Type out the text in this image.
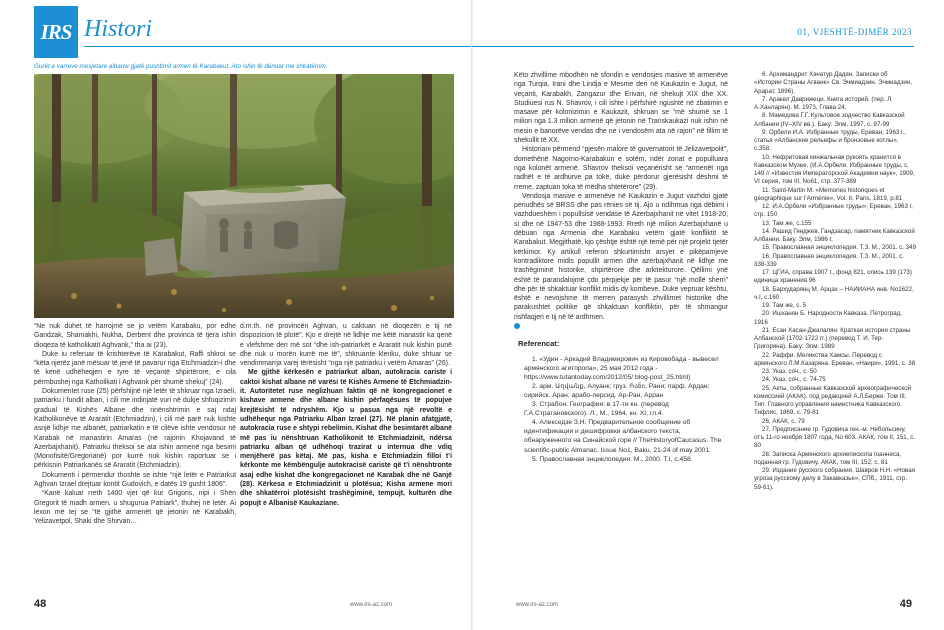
IRS Histori
Gurët e varreve mesjetare albanw gjatë pushtimit armen të Karabakut. Ato ishin të dënuar me shkatërrim.

“Ne nuk duhet të harrojmë se jo vetëm Karabaku, por edhe Gandzak, Shamakhi, Nukha, Derbent dhe provinca të tjera ishin dioqeza të katholikatit Aghvank,” tha ai (23).

Duke iu referuar të krishterëve të Karabakut, Raffi shkroi se “këta njerëz janë mësuar të jenë të pavarur nga Etchmiadzin-i dhe të kenë udhëheqjen e tyre të veçantë shpirtërore, e cila përmbushej nga Katholikati i Aghvank për shumë shekuj” (24).

Dokumentet ruse (25) përfshijnë një letër të shkruar nga Izraeli, patriarku i fundit alban, i cili me indinjatë vuri në dukje shfuqizimin gradual të Kishës Albane dhe rinënshtrimin e saj ndaj Katholikonëve të Araratit (Etchmiadzin), i cili më parë nuk kishte asnjë lidhje me albanët, patriarkatin e të cilëve ishte vendosur në Karabak në manastirin Amaras (në rajonin Khojavand të Azerbajxhanit). Patriarku theksoi se ata ishin armenë nga besimi (Monofisitë/Gregorianë) por kurrë nuk kishin raportuar se i përkisnin Patriarkanës së Araratit (Etchmiadzin).

Dokumenti i përmendur thoshte se ishte “një letër e Patriarkut Aghvan Izrael drejtuar kontit Gudovich, e datës 19 gusht 1806”.

“Kanë kaluar rreth 1400 vjet që kur Grigoris, nipi i Shën Gregorit të madh armen, u shugurua Patriark”, thuhej në letër. Ai lexon më tej se “të gjithë armenët që jetonin në Karabakh, Yelizavetpol, Shaki dhe Shirvan…

d.m.th. në provincën Aghvan, u caktuan në dioqezën e tij në dispozicion të plotë”. Kjo e drejtë në lidhje me këtë manastir ka qenë e vlefshme deri më sot “dhe ish-patriarkët e Araratit nuk kishin punë dhe nuk u morën kurrë me të”, shkruante kleriku, duke shtuar se vendimmarrja varej tërësisht “nga një patriarku i vetëm Amaras” (26).

Me gjithë kërkesën e patriarkut alban, autokracia cariste i caktoi kishat albane në varësi të Kishës Armene të Etchmiadzin-it. Autoritetet ruse neglizhuan faktin që në kongregacionet e kishave armene dhe albane kishin përfaqësues të popujve krejtësisht të ndryshëm. Kjo u pasua nga një revoltë e udhëhequr nga Patriarku Alban Izrael (27). Në planin afatgjatë, autokracia ruse e shtypi rebelimin. Kishat dhe besimtarët albanë më pas iu nënshtruan Katholikonit të Etchmiadzinit, ndërsa patriarku alban që udhëhoqi trazirat u internua dhe vdiq menjëherë pas këtaj. Më pas, kisha e Etchmiadzin filloi t’i kërkonte me këmbëngulje autokracisë cariste që t’i nënshtronte asaj edhe kishat dhe kongregacionet në Karabak dhe në Ganjë (28). Kërkesa e Etchmiadzinit u plotësua; Kisha armene mori dhe shkatërroi plotësisht trashëgiminë, tempujt, kulturën dhe popujt e Albanisë Kaukaziane.

48	www.irs-az.com
01, VJESHTË-DIMËR 2023

Këto zhvillime mbodhën në sfondin e vendosjes masive të armenëve nga Turqia, Irani dhe Lindja e Mesme deri në Kaukazin e Jugut, në veçanti, Karabakh, Zangazur dhe Erivan, në shekujt XIX dhe XX. Studiuesi rus N. Shavrov, i cili ishte i përfshirë ngushtë në zbatimin e masave për kolonizimin e Kaukazit, shkruan se “më shumë se 1 milion nga 1.3 milion armenë që jetonin në Transkaukazi nuk ishin në mesin e banorëve vendas dhe ne i vendosëm ata në rajon” në fillim të shekullit të XX.

Historiani përmend “pjesën malore të guvernatorit të Jelizavetpolit”, domethënë Nagorno-Karabakun e sotëm, ndër zonat e populluara nga kolonët armenë. Shavrov theksoi veçanërisht se “armenët nga radhët e të ardhurve pa tokë, duke përdorur gjerësisht dëshmi të rreme, zaptuan toka të mëdha shtetërore” (29).

Vendosja masive e armenëve në Kaukazin e Jugut vazhdoi gjatë periudhës së BRSS dhe pas rënies së tij. Ajo u ndihmua nga dëbimi i vazhdueshëm i popullsisë vendase të Azerbajxhanit në vitet 1918-20, si dhe në 1947-53 dhe 1988-1993. Rreth një milion Azerbajxhanë u dëbuan nga Armenia dhe Karabaku vetëm gjatë konfliktit të Karabakut. Megjithatë, kjo çështje është një temë për një projekt tjetër kërkimor. Ky artikull referon shkurtimisht arsyet e pikëpamjeve kontradiktore midis popullit armen dhe azerbajxhanit në lidhje me trashëgiminë historike, shpirtërore dhe arkitekturore. Qëllimi ynë është të parandalojmë çdo përpjekje për të pasur “një mollë sherri” dhe për të shkaktuar konflikt midis dy kombeve. Duke vepruar kështu, është e nevojshme të merren parasysh zhvillimet historike dhe parakushtet politike që shkaktuan konfliktin, për të shmangur rishfaqjen e tij në të ardhmen.

Referencat:

1. «Удин - Аркадий Владимирович из Кировобада - вывесел армянского агитпропа», 25 мая 2012 года - https://www.tutantoday.com/2012/05/ blog-post_25.html)

2. арм. Աղվանք, Алуанк; груз. რანი, Рани; парф. Ардан; сирийск. Аран; арабо-персид. Ар-Ран, Арран

3. Страбон. География: в 17-ти кн. (перевод Г.А.Стратановского). Л., М., 1964. кн. XI, гл.4.

4. Алекседзе З.Н. Предварительное сообщение об идентификации и дешифровки албанского текста, обнаруженного на Синайской горе // TheHistoryofCaucasus. The scientific-public Almanac. Issue No1, Baku, 21-24 of may 2001.

5. Православная энциклопедия. М., 2000. Т.I, с.458.

6. Архимандрит Хачатур Дадян. Записки об «Истории Страны Агванк» Св. Эчмиадзин. Эчмиадзин, Арарат, 1896).

7. Аракел Даврижеци. Книга историй. (пер. Л. А.Ханларян). М. 1973, Глава 24,

8. Мамедова Г.Г. Культовое зодчество Кавказской Албании (IV–XIV вв.). Баку: Элм, 1997, с. 97-99

9. Орбели И.А. Избранные труды, Ереван, 1963 г., статья «Албанские рельефы и бронзовые котлы», с.358.

10. Нефритовая кинжальная рукоять хранится в Кавказском Музее, (И.А.Орбели. Избранные труды, с. 149 // «Известия Императорской Академии наук», 1909, VI серия, том III, No61, стр. 377-389

11. Saint-Martin M. «Mémories historiques et géographique sur l’Arménie», Vol. II, Paris, 1819, p.81

12. И.А.Орбели «Избранные труды», Ереван, 1963 г, стр. 150

13. Там же, с.155

14. Рашид Гянджев. Гандзасар, памятник Кавказской Албании. Баку. Элм, 1986 г.

15. Православная энциклопедия. Т.З. М., 2001. с. 349

16. Православная энциклопедия. Т.З. М., 2001. с. 338-339

17. ЦГИА, справа 1907 г., фонд 821, опись 139 (173) единица хранения.96

18. Бархударянц М. Арцах – НАИИАНА инв. No1622, ч.I, с.160

19. Там же, с. 5

20. Ишханян Б. Народности Кавказа. Петроград, 1916

21. Есаи Хасан-Джалалян. Краткая история страны Албанской (1702-1722 гг.) (перевод Т. И. Тер-Григорянa). Баку: Элм. 1989

22. Раффи. Меликства Хамсы. Перевод с армянского Л.М.Казарянa. Ереван, «Наири», 1991, с. 38

23. Указ. соч., с. 50

24. Указ. соч., с. 74-75

25. Акты, собранные Кавказской археографической комиссией (АКАК), под редакцией А.Л.Берже. Том III. Тип. Главного управления наместника Кавказского. Тифлис, 1869, с. 79-81

26. АКАК, с. 79

27. Предписание гр. Гудовича ген.-м. Небольсину, отъ 11-го ноября 1807 года, No 603. АКАК, том II, 151, с. 80

28. Записка Армянского архиепископа Іоаннеса, поданная гр. Гудовичу. АКАК, том III, 152, с. 81

29. Издание русского собрания. Шавров Н.Н. «Новая угроза русскому делу в Закавказье», СПб., 1911, стр. 59-61).

www.irs-az.com	49
